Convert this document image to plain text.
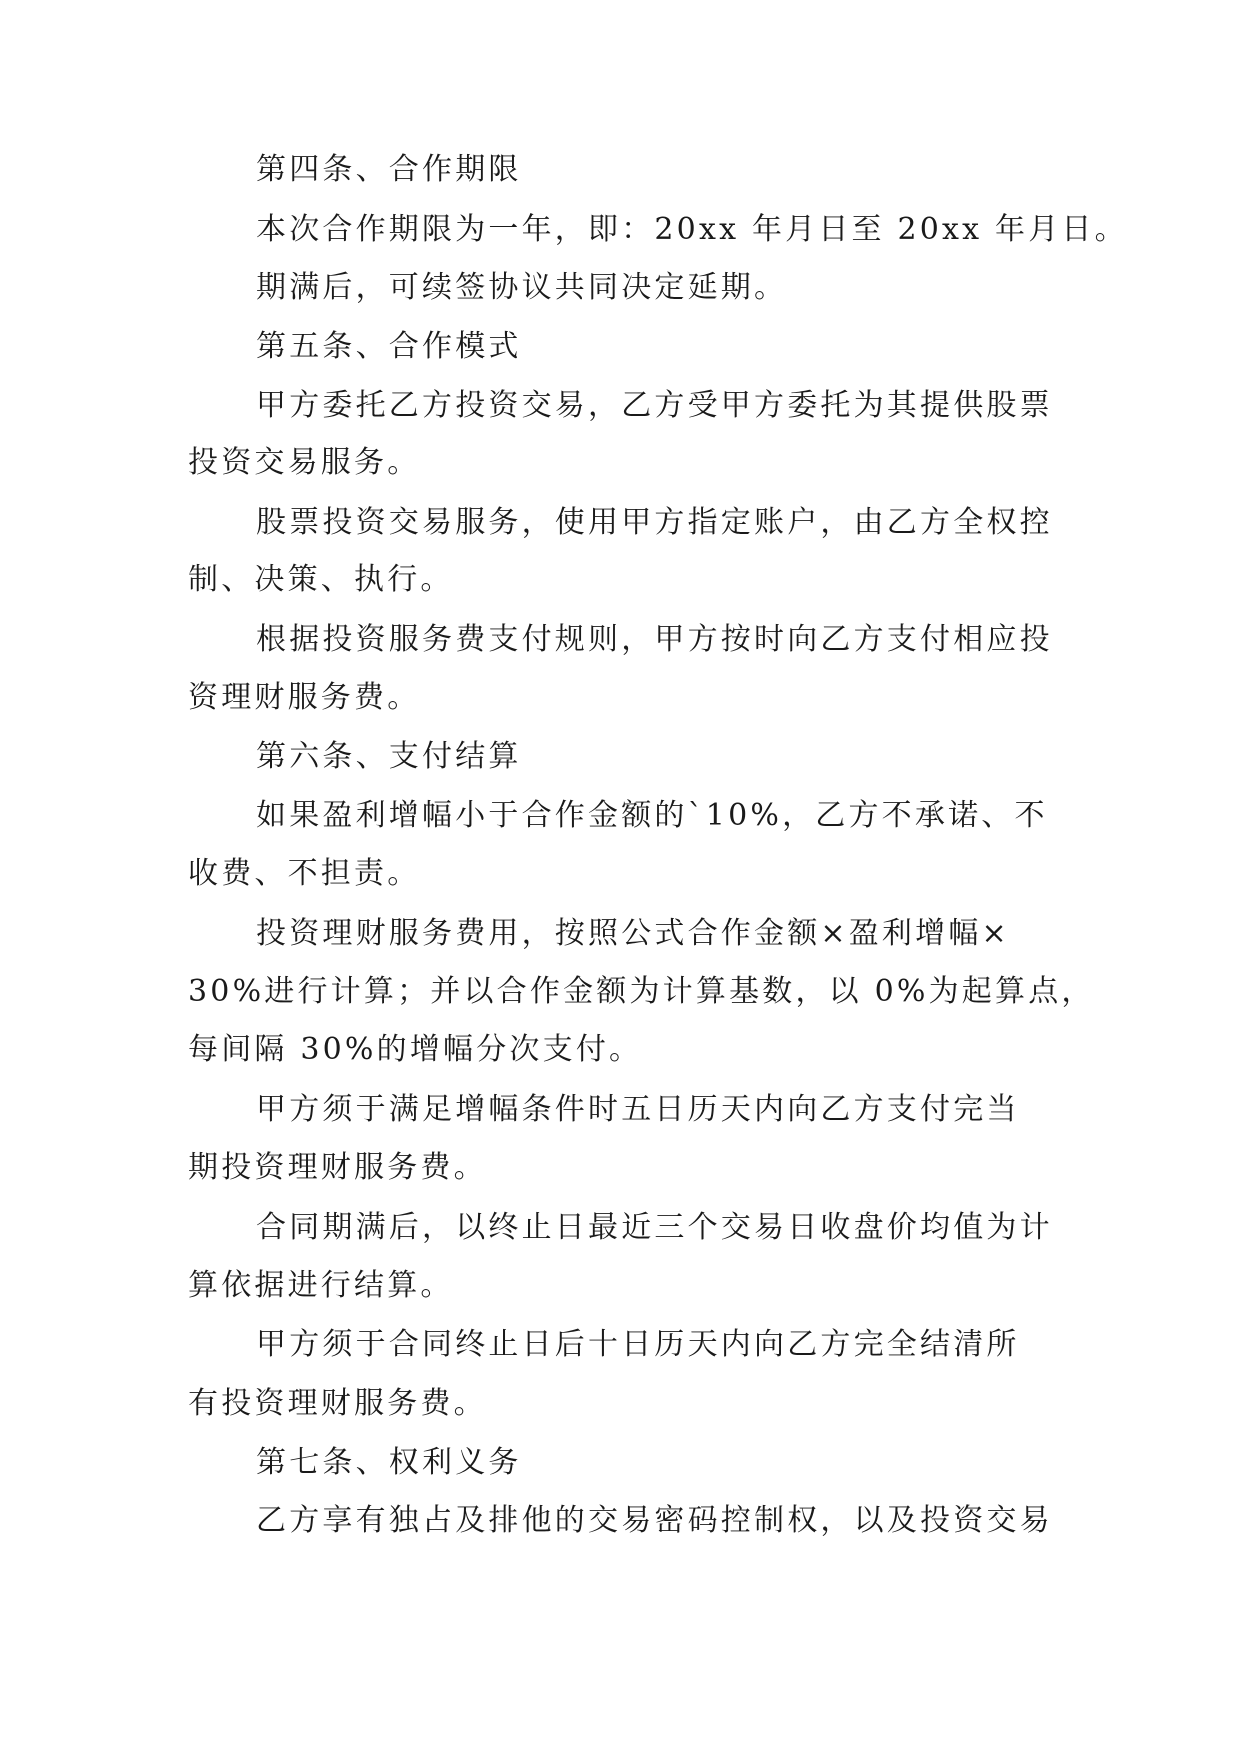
第四条、合作期限
本次合作期限为一年，即：20xx 年月日至 20xx 年月日。
期满后，可续签协议共同决定延期。
第五条、合作模式
甲方委托乙方投资交易，乙方受甲方委托为其提供股票
投资交易服务。
股票投资交易服务，使用甲方指定账户，由乙方全权控
制、决策、执行。
根据投资服务费支付规则，甲方按时向乙方支付相应投
资理财服务费。
第六条、支付结算
如果盈利增幅小于合作金额的`10%，乙方不承诺、不
收费、不担责。
投资理财服务费用，按照公式合作金额×盈利增幅×
30%进行计算；并以合作金额为计算基数，以 0%为起算点，
每间隔 30%的增幅分次支付。
甲方须于满足增幅条件时五日历天内向乙方支付完当
期投资理财服务费。
合同期满后，以终止日最近三个交易日收盘价均值为计
算依据进行结算。
甲方须于合同终止日后十日历天内向乙方完全结清所
有投资理财服务费。
第七条、权利义务
乙方享有独占及排他的交易密码控制权，以及投资交易
